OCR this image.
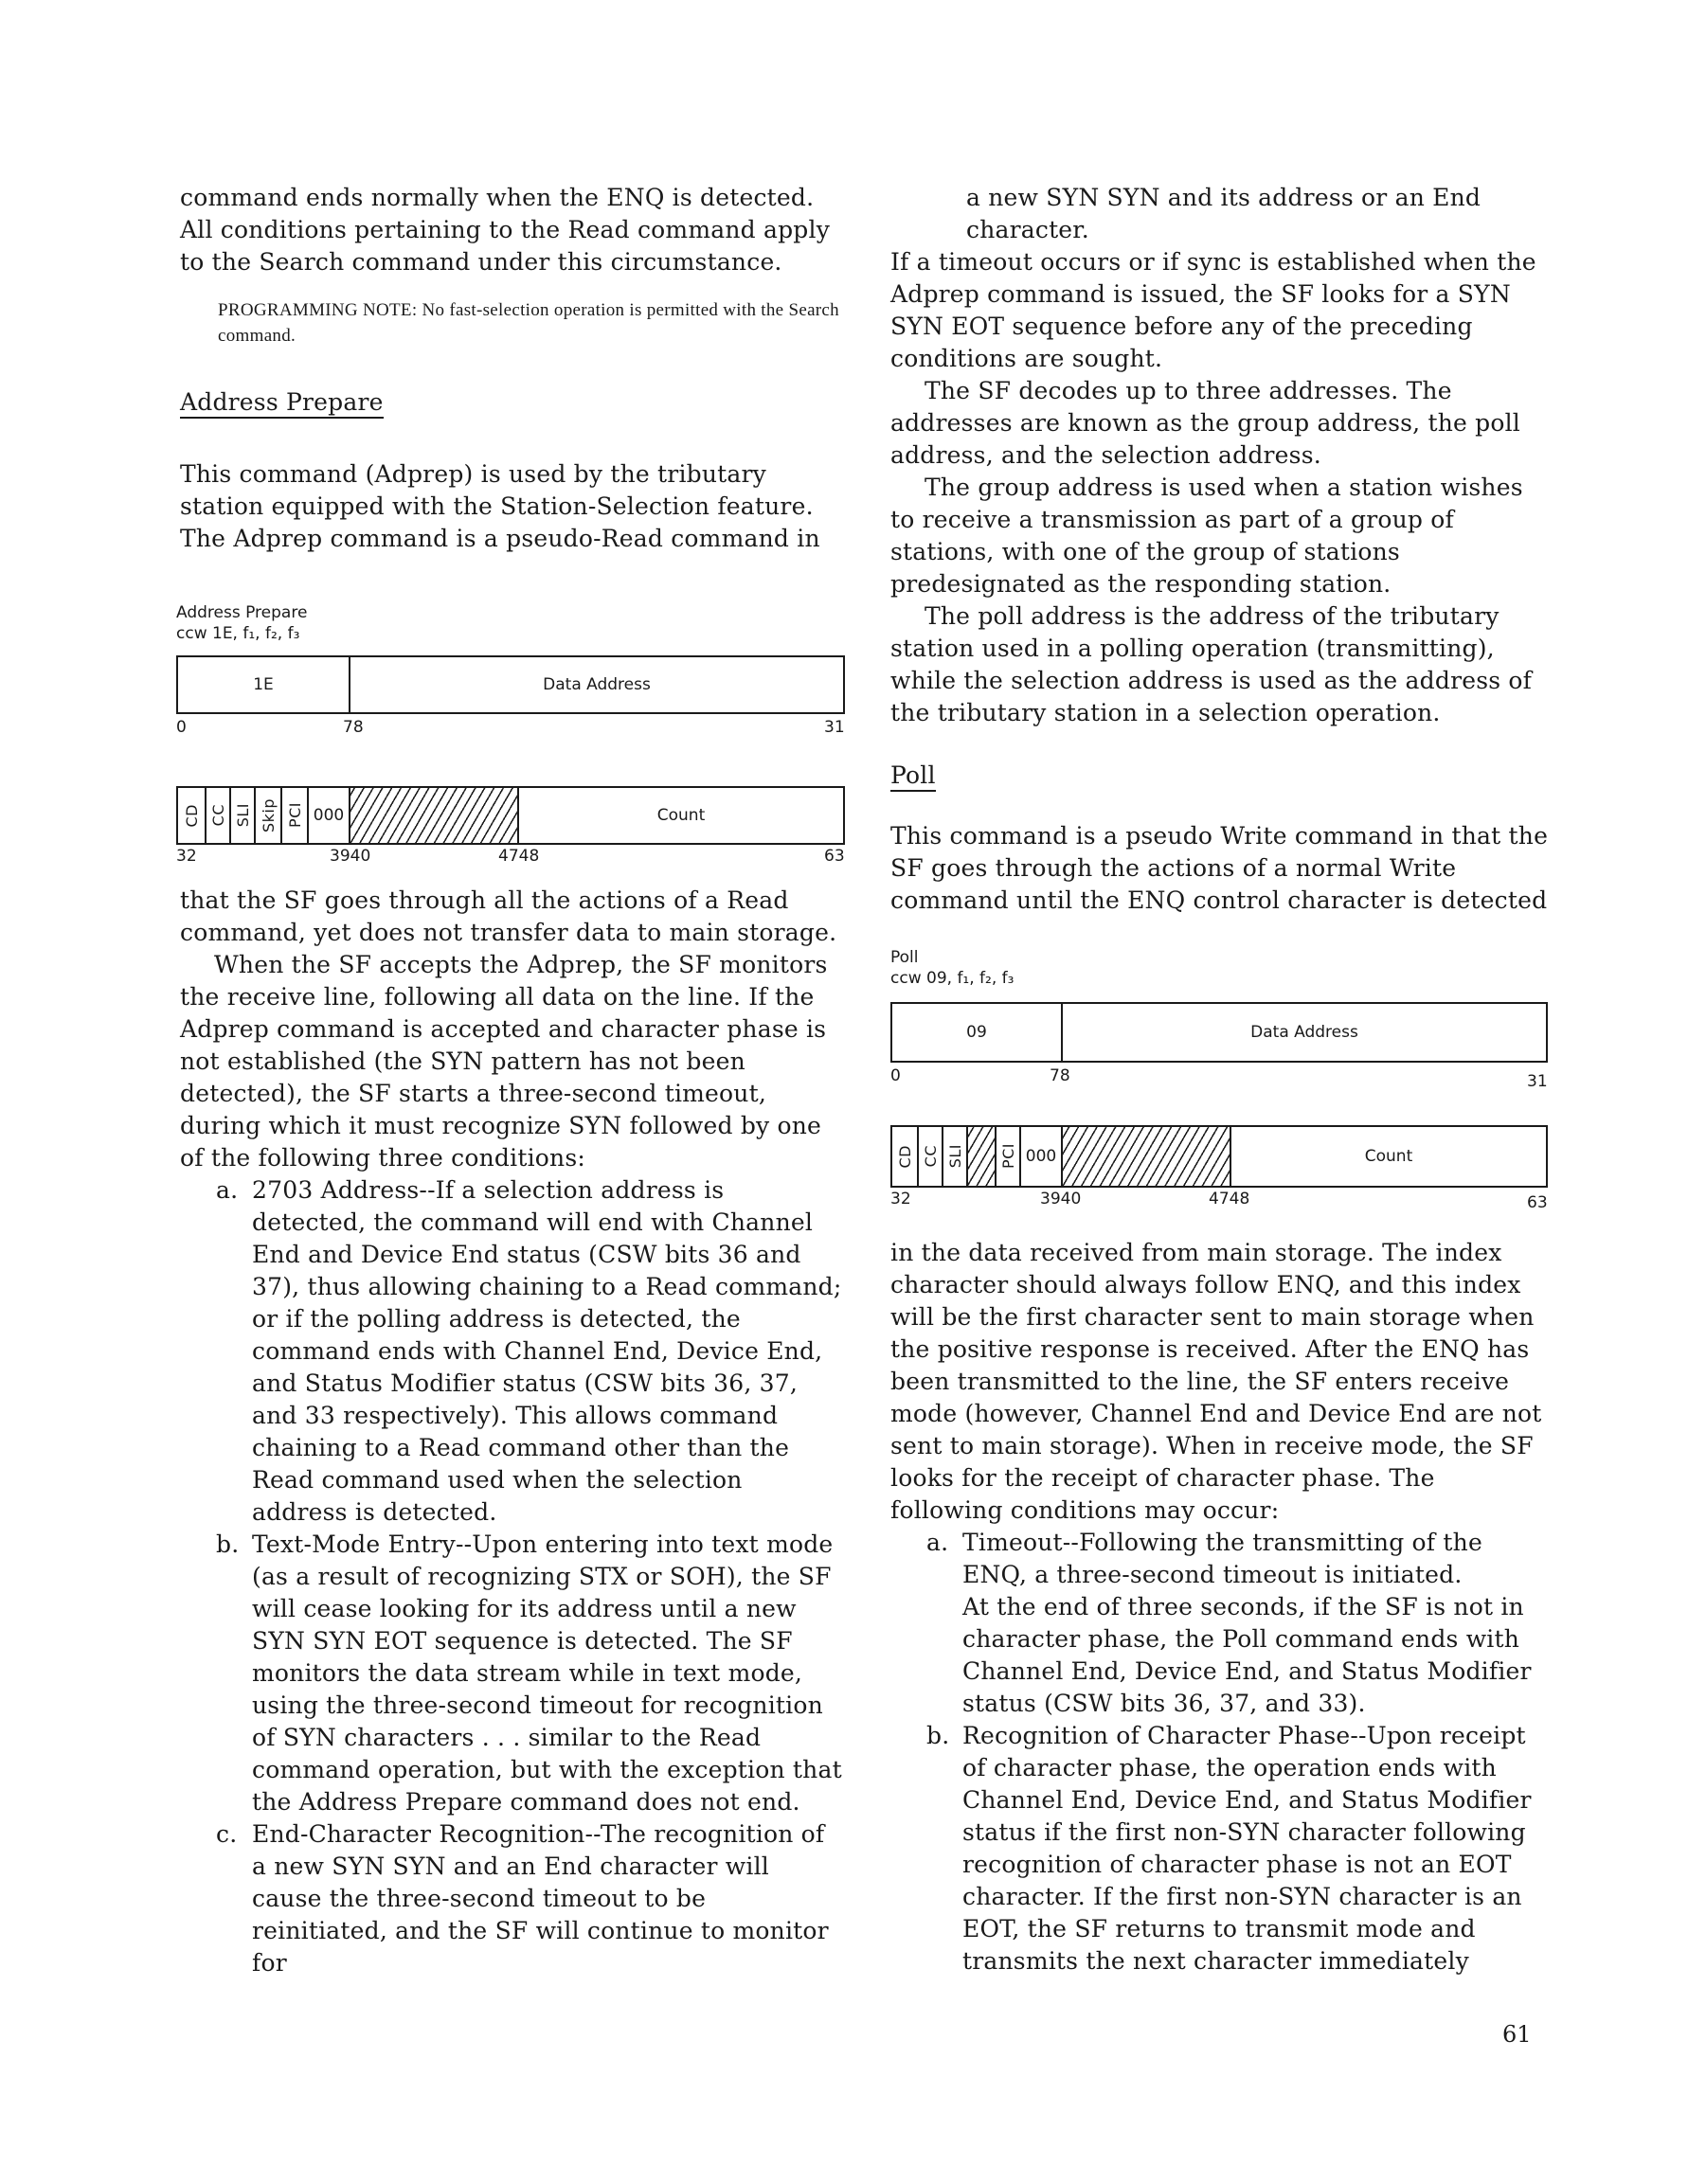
command ends normally when the ENQ is detected. All conditions pertaining to the Read command apply to the Search command under this circumstance.

PROGRAMMING NOTE: No fast-selection operation is permitted with the Search command.
Address Prepare

This command (Adprep) is used by the tributary station equipped with the Station-Selection feature. The Adprep command is a pseudo-Read command in

Address Prepare
ccw 1E, f₁, f₂, f₃
1E	Data Address
0	78	31
CD CC SLI Skip PCI 000	Count
32	3940	4748	63

that the SF goes through all the actions of a Read command, yet does not transfer data to main storage.

When the SF accepts the Adprep, the SF monitors the receive line, following all data on the line. If the Adprep command is accepted and character phase is not established (the SYN pattern has not been detected), the SF starts a three-second timeout, during which it must recognize SYN followed by one of the following three conditions:

a. 2703 Address--If a selection address is detected, the command will end with Channel End and Device End status (CSW bits 36 and 37), thus allowing chaining to a Read command; or if the polling address is detected, the command ends with Channel End, Device End, and Status Modifier status (CSW bits 36, 37, and 33 respectively). This allows command chaining to a Read command other than the Read command used when the selection address is detected.
b. Text-Mode Entry--Upon entering into text mode (as a result of recognizing STX or SOH), the SF will cease looking for its address until a new SYN SYN EOT sequence is detected. The SF monitors the data stream while in text mode, using the three-second timeout for recognition of SYN characters . . . similar to the Read command operation, but with the exception that the Address Prepare command does not end.
c. End-Character Recognition--The recognition of a new SYN SYN and an End character will cause the three-second timeout to be reinitiated, and the SF will continue to monitor for

a new SYN SYN and its address or an End character.

If a timeout occurs or if sync is established when the Adprep command is issued, the SF looks for a SYN SYN EOT sequence before any of the preceding conditions are sought.

The SF decodes up to three addresses. The addresses are known as the group address, the poll address, and the selection address.

The group address is used when a station wishes to receive a transmission as part of a group of stations, with one of the group of stations predesignated as the responding station.

The poll address is the address of the tributary station used in a polling operation (transmitting), while the selection address is used as the address of the tributary station in a selection operation.

Poll

This command is a pseudo Write command in that the SF goes through the actions of a normal Write command until the ENQ control character is detected

Poll
ccw 09, f₁, f₂, f₃
09	Data Address
0	78	31
CD CC SLI PCI 000	Count
32	3940	4748	63

in the data received from main storage. The index character should always follow ENQ, and this index will be the first character sent to main storage when the positive response is received. After the ENQ has been transmitted to the line, the SF enters receive mode (however, Channel End and Device End are not sent to main storage). When in receive mode, the SF looks for the receipt of character phase. The following conditions may occur:

a. Timeout--Following the transmitting of the ENQ, a three-second timeout is initiated.
At the end of three seconds, if the SF is not in character phase, the Poll command ends with Channel End, Device End, and Status Modifier status (CSW bits 36, 37, and 33).
b. Recognition of Character Phase--Upon receipt of character phase, the operation ends with Channel End, Device End, and Status Modifier status if the first non-SYN character following recognition of character phase is not an EOT character. If the first non-SYN character is an EOT, the SF returns to transmit mode and transmits the next character immediately
61
